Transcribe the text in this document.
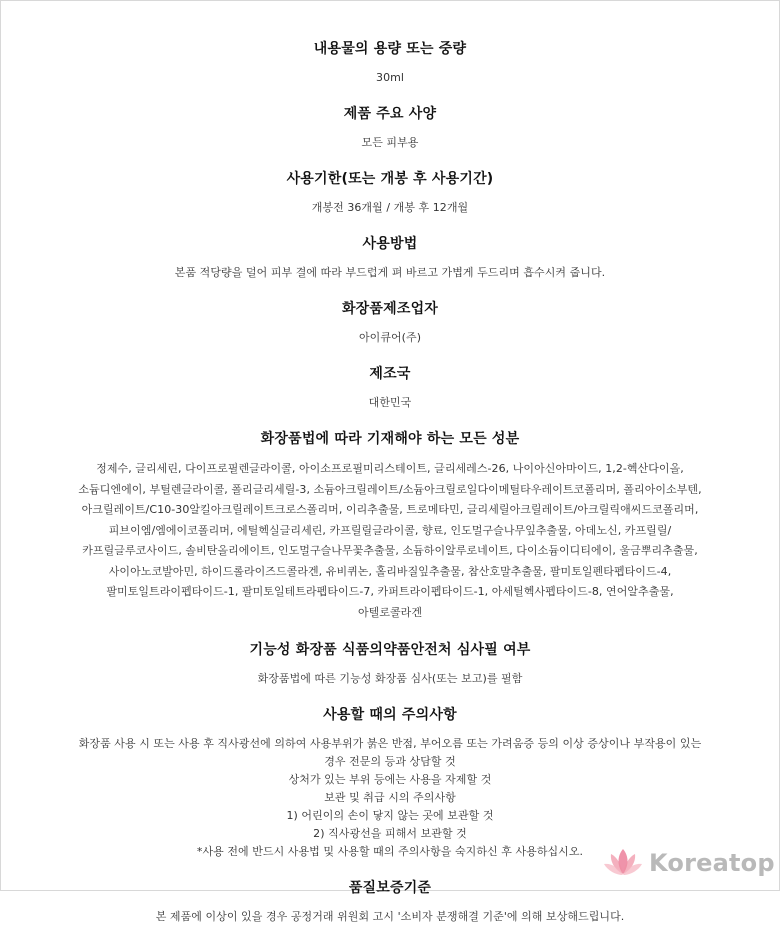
내용물의 용량 또는 중량

30ml

제품 주요 사양

모든 피부용

사용기한(또는 개봉 후 사용기간)

개봉전 36개월 / 개봉 후 12개월

사용방법

본품 적당량을 덜어 피부 결에 따라 부드럽게 펴 바르고 가볍게 두드리며 흡수시켜 줍니다.

화장품제조업자

아이큐어(주)

제조국

대한민국

화장품법에 따라 기재해야 하는 모든 성분

정제수, 글리세린, 다이프로필렌글라이콜, 아이소프로필미리스테이트, 글리세레스-26, 나이아신아마이드, 1,2-헥산다이올, 소듐디엔에이, 부틸렌글라이콜, 폴리글리세릴-3, 소듐아크릴레이트/소듐아크릴로일다이메틸타우레이트코폴리머, 폴리아이소부텐, 아크릴레이트/C10-30알킬아크릴레이트크로스폴리머, 이리추출물, 트로메타민, 글리세릴아크릴레이트/아크릴릭애씨드코폴리머, 피브이엠/엠에이코폴리머, 에틸헥실글리세린, 카프릴릴글라이콜, 향료, 인도멀구슬나무잎추출물, 아데노신, 카프릴릴/카프릴글루코사이드, 솔비탄올리에이트, 인도멀구슬나무꽃추출물, 소듐하이알루로네이트, 다이소듐이디티에이, 울금뿌리추출물, 사이아노코발아민, 하이드롤라이즈드콜라겐, 유비퀴논, 홀리바질잎추출물, 참산호말추출물, 팔미토일펜타펩타이드-4, 팔미토일트라이펩타이드-1, 팔미토일테트라펩타이드-7, 카퍼트라이펩타이드-1, 아세틸헥사펩타이드-8, 연어알추출물, 아텔로콜라겐

기능성 화장품 식품의약품안전처 심사필 여부

화장품법에 따른 기능성 화장품 심사(또는 보고)를 필함

사용할 때의 주의사항

화장품 사용 시 또는 사용 후 직사광선에 의하여 사용부위가 붉은 반점, 부어오름 또는 가려움증 등의 이상 증상이나 부작용이 있는
경우 전문의 등과 상담할 것
상처가 있는 부위 등에는 사용을 자제할 것
보관 및 취급 시의 주의사항
1) 어린이의 손이 닿지 않는 곳에 보관할 것
2) 직사광선을 피해서 보관할 것
*사용 전에 반드시 사용법 및 사용할 때의 주의사항을 숙지하신 후 사용하십시오.

품질보증기준

본 제품에 이상이 있을 경우 공정거래 위원회 고시 '소비자 분쟁해결 기준'에 의해 보상해드립니다.

Koreatop
